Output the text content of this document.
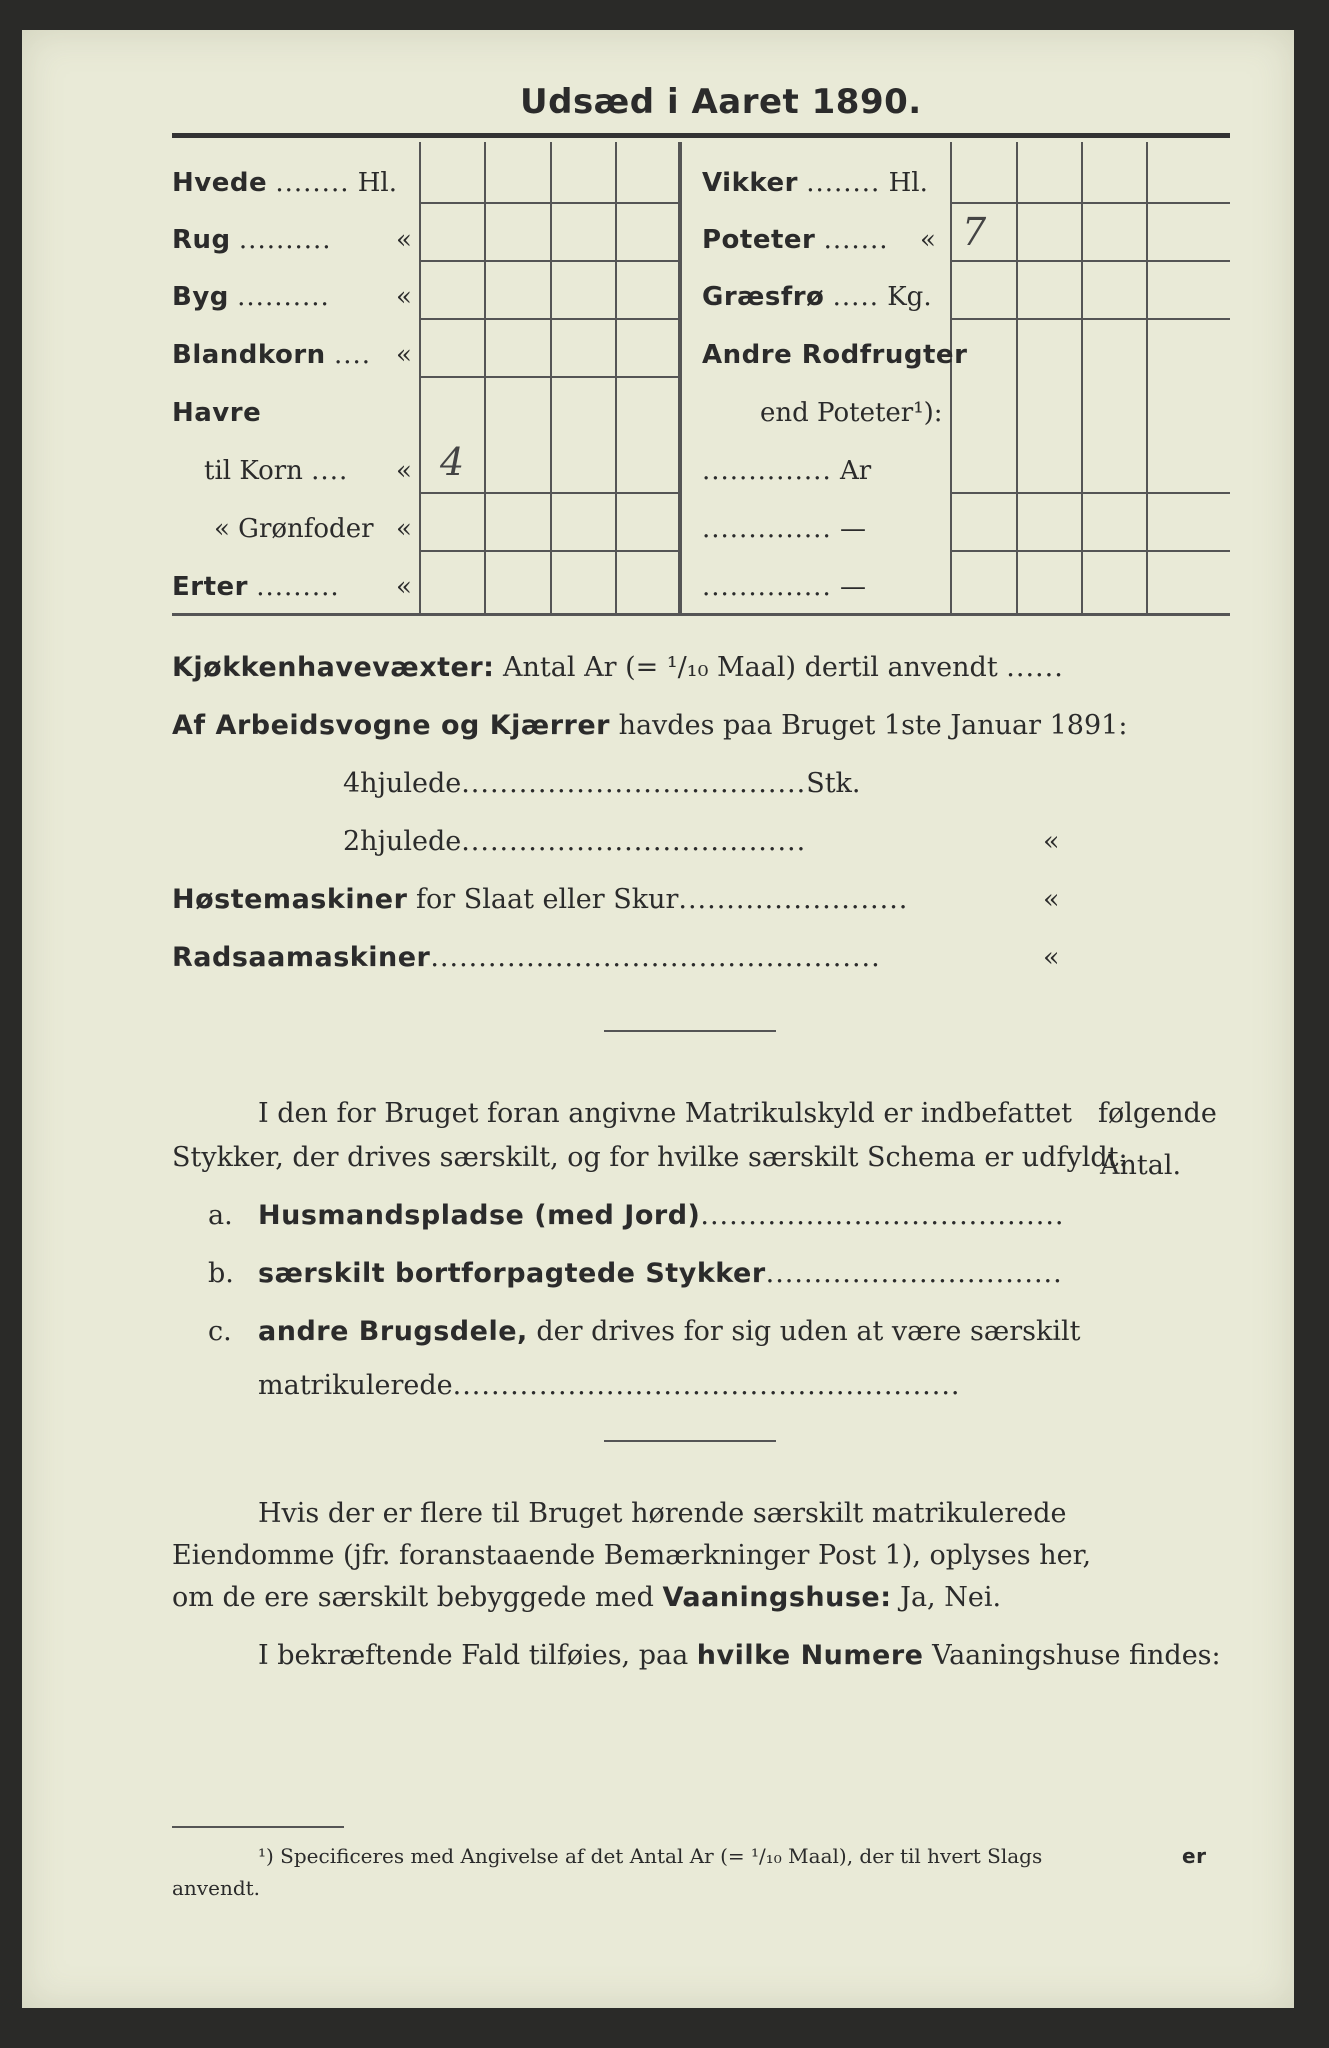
Udsæd i Aaret 1890.
Hvede ........ Hl.
Rug .......... «
Byg ..........	«
Blandkorn .... «
Havre
til Korn .... « 4
« Grønfoder «
Erter ......... «
Vikker ........ Hl.
Poteter ....... « 7
Græsfrø ..... Kg.
Andre Rodfrugter
end Poteter¹):
.............. Ar
.............. —
.............. —
Kjøkkenhavevæxter: Antal Ar (= ¹/₁₀ Maal) dertil anvendt ......
Af Arbeidsvogne og Kjærrer havdes paa Bruget 1ste Januar 1891:
4hjulede....................................Stk.
2hjulede....................................	«
Høstemaskiner for Slaat eller Skur........................	«
Radsaamaskiner...............................................	«
I den for Bruget foran angivne Matrikulskyld er indbefattet følgende
Stykker, der drives særskilt, og for hvilke særskilt Schema er udfyldt:
Antal.
a. Husmandspladse (med Jord)......................................
b. særskilt bortforpagtede Stykker...............................
c. andre Brugsdele, der drives for sig uden at være særskilt
matrikulerede.....................................................
Hvis der er flere til Bruget hørende særskilt matrikulerede
Eiendomme (jfr. foranstaaende Bemærkninger Post 1), oplyses her,
om de ere særskilt bebyggede med Vaaningshuse: Ja, Nei.
I bekræftende Fald tilføies, paa hvilke Numere Vaaningshuse findes:
¹) Specificeres med Angivelse af det Antal Ar (= ¹/₁₀ Maal), der til hvert Slags	er
anvendt.
